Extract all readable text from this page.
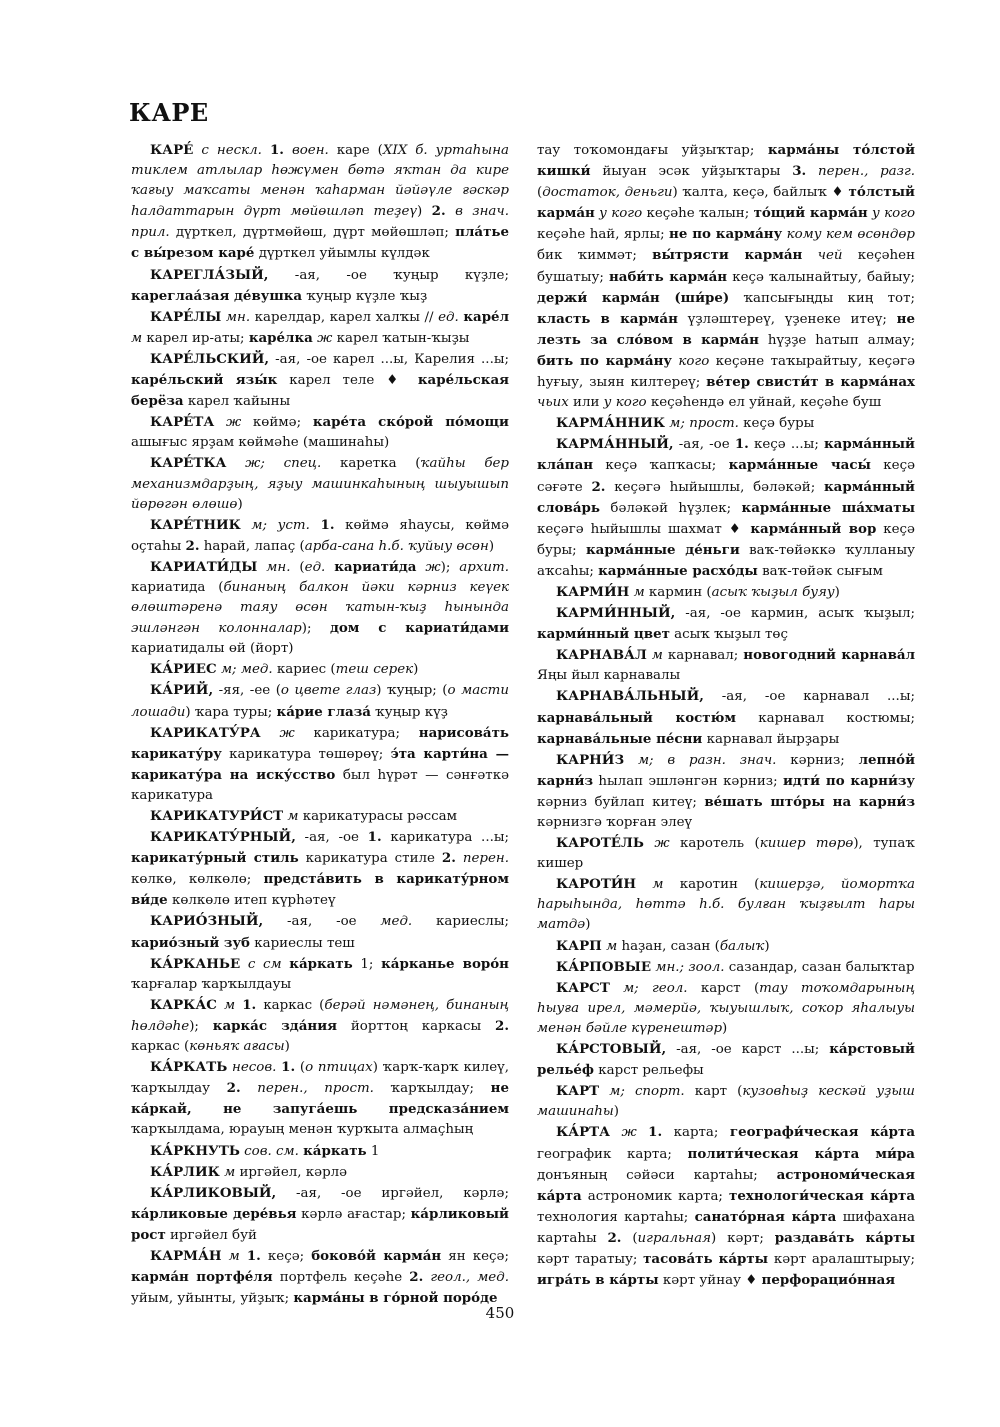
КАРЕ

КАРЕ́ с нескл. 1. воен. каре (XIX б. уртаһына тиклем атлылар һөжүмен бөтә яҡтан да кире ҡағыу маҡсаты менән ҡаһарман йәйәүле ғәскәр һалдаттарын дүрт мөйөшләп теҙеү) 2. в знач. прил. дүрткел, дүртмөйөш, дүрт мөйөшләп; пла́тье с вы́резом каре́ дүрткел уйымлы күлдәк

КАРЕГЛА́ЗЫЙ, -ая, -ое ҡуңыр күҙле; кареглаа́зая де́вушка ҡуңыр күҙле ҡыҙ

КАРЕ́ЛЫ мн. карелдар, карел халҡы // ед. каре́л м карел ир-аты; каре́лка ж карел ҡатын-ҡыҙы

КАРЕ́ЛЬСКИЙ, -ая, -ое карел ...ы, Карелия ...ы; каре́льский язы́к карел теле ♦ каре́льская берёза карел ҡайыны

КАРЕ́ТА ж көймә; каре́та ско́рой по́мощи ашығыс ярҙам көймәһе (машинаһы)

КАРЕ́ТКА ж; спец. каретка (ҡайһы бер механизмдарҙың, яҙыу машинкаһының шыуышып йөрөгән өлөшө)

КАРЕ́ТНИК м; уст. 1. көймә яһаусы, көймә оҫтаһы 2. һарай, лапаҫ (арба-сана һ.б. ҡуйыу өсөн)

КАРИАТИ́ДЫ мн. (ед. кариати́да ж); архит. кариатида (бинаның балкон йәки кәрниз кеүек өлөштәренә таяу өсөн ҡатын-ҡыҙ һынында эшләнгән колонналар); дом с кариати́дами кариатидалы өй (йорт)

КА́РИЕС м; мед. кариес (теш серек)

КА́РИЙ, -яя, -ее (о цвете глаз) ҡуңыр; (о масти лошади) ҡара туры; ка́рие глаза́ ҡуңыр күҙ

КАРИКАТУ́РА ж карикатура; нарисова́ть карикату́ру карикатура төшөрөү; э́та карти́на — карикату́ра на иску́сство был һүрәт — сәнғәткә карикатура

КАРИКАТУРИ́СТ м карикатурасы рәссам

КАРИКАТУ́РНЫЙ, -ая, -ое 1. карикатура ...ы; карикату́рный стиль карикатура стиле 2. перен. көлкө, көлкөлө; предста́вить в карикату́рном ви́де көлкөлө итеп күрһәтеү

КАРИО́ЗНЫЙ, -ая, -ое мед. кариеслы; карио́зный зуб кариеслы теш

КА́РКАНЬЕ с см ка́ркать 1; ка́рканье воро́н ҡарғалар ҡарҡылдауы

КАРКА́С м 1. каркас (берәй нәмәнең, бинаның һөлдәһе); карка́с зда́ния йорттоң каркасы 2. каркас (көньяҡ ағасы)

КА́РКАТЬ несов. 1. (о птицах) ҡарҡ-ҡарҡ килеү, ҡарҡылдау 2. перен., прост. ҡарҡылдау; не ка́ркай, не запуга́ешь предсказа́нием ҡарҡылдама, юрауың менән ҡурҡыта алмаҫһың

КА́РКНУТЬ сов. см. ка́ркать 1

КА́РЛИК м иргәйел, кәрлә

КА́РЛИКОВЫЙ, -ая, -ое иргәйел, кәрлә; ка́рликовые дере́вья кәрлә ағастар; ка́рликовый рост иргәйел буй

КАРМА́Н м 1. кеҫә; боково́й карма́н ян кеҫә; карма́н портфе́ля портфель кеҫәһе 2. геол., мед. уйым, уйынты, уйҙыҡ; карма́ны в го́рной поро́де

тау тоҡомондағы уйҙыҡтар; карма́ны то́лстой кишки́ йыуан эсәк уйҙыҡтары 3. перен., разг. (достаток, деньги) ҡалта, кеҫә, байлыҡ ♦ то́лстый карма́н у кого кеҫәһе ҡалын; то́щий карма́н у кого кеҫәһе һай, ярлы; не по карма́ну кому кем өсөндөр бик ҡиммәт; вы́трясти карма́н чей кеҫәһен бушатыу; наби́ть карма́н кеҫә ҡалынайтыу, байыу; держи́ карма́н (ши́ре) ҡапсығыңды киң тот; класть в карма́н үҙләштереү, үҙенеке итеү; не лезть за сло́вом в карма́н һүҙҙе һатып алмау; бить по карма́ну кого кеҫәне таҡырайтыу, кеҫәгә һуғыу, зыян килтереү; ве́тер свисти́т в карма́нах чьих или у кого кеҫәһендә ел уйнай, кеҫәһе буш

КАРМА́ННИК м; прост. кеҫә буры

КАРМА́ННЫЙ, -ая, -ое 1. кеҫә ...ы; карма́нный кла́пан кеҫә ҡапҡасы; карма́нные часы́ кеҫә сәғәте 2. кеҫәгә һыйышлы, бәләкәй; карма́нный слова́рь бәләкәй һүҙлек; карма́нные ша́хматы кеҫәгә һыйышлы шахмат ♦ карма́нный вор кеҫә буры; карма́нные де́ньги ваҡ-төйәккә ҡулланыу аҡсаһы; карма́нные расхо́ды ваҡ-төйәк сығым

КАРМИ́Н м кармин (асыҡ ҡыҙыл буяу)

КАРМИ́ННЫЙ, -ая, -ое кармин, асыҡ ҡыҙыл; карми́нный цвет асыҡ ҡыҙыл төҫ

КАРНАВА́Л м карнавал; новогодний карнава́л Яңы йыл карнавалы

КАРНАВА́ЛЬНЫЙ, -ая, -ое карнавал ...ы; карнава́льный костю́м карнавал костюмы; карнава́льные пе́сни карнавал йырҙары

КАРНИ́З м; в разн. знач. кәрниз; лепно́й карни́з һылап эшләнгән кәрниз; идти́ по карни́зу кәрниз буйлап китеү; ве́шать што́ры на карни́з кәрнизгә ҡорған элеү

КАРОТЕ́ЛЬ ж каротель (кишер төрө), тупаҡ кишер

КАРОТИ́Н м каротин (кишерҙә, йомортҡа һарыһында, һөттә һ.б. булған ҡыҙғылт һары матдә)

КАРП м һаҙан, сазан (балыҡ)

КА́РПОВЫЕ мн.; зоол. сазандар, сазан балыҡтар

КАРСТ м; геол. карст (тау тоҡомдарының һыуға ирел, мәмерйә, ҡыуышлыҡ, соҡор яһалыуы менән бәйле күренештәр)

КА́РСТОВЫЙ, -ая, -ое карст ...ы; ка́рстовый релье́ф карст рельефы

КАРТ м; спорт. карт (кузовһыҙ кескәй уҙыш машинаһы)

КА́РТА ж 1. карта; географи́ческая ка́рта географик карта; полити́ческая ка́рта ми́ра донъяның сәйәси картаһы; астрономи́ческая ка́рта астрономик карта; технологи́ческая ка́рта технология картаһы; санато́рная ка́рта шифахана картаһы 2. (игральная) кәрт; раздава́ть ка́рты кәрт таратыу; тасова́ть ка́рты кәрт аралаштырыу; игра́ть в ка́рты кәрт уйнау ♦ перфорацио́нная

450
